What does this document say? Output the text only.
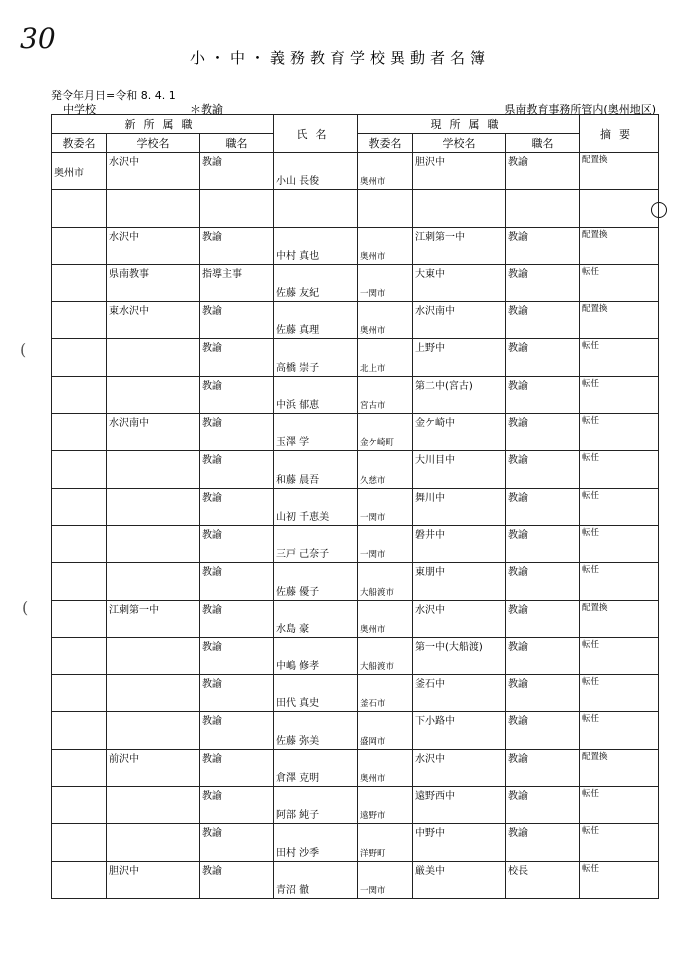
30
小・中・義務教育学校異動者名簿
発令年月日=令和 8. 4. 1
中学校	＊教諭	県南教育事務所管内(奥州地区)
(
(
新所属職			氏名	現所属職			摘要
教委名	学校名	職名		教委名	学校名	職名	
奥州市	水沢中	教諭	小山 長俊	奥州市	胆沢中	教諭	配置換

	水沢中	教諭	中村 真也	奥州市	江刺第一中	教諭	配置換
	県南教事	指導主事	佐藤 友紀	一関市	大東中	教諭	転任
	東水沢中	教諭	佐藤 真理	奥州市	水沢南中	教諭	配置換
		教諭	高橋 崇子	北上市	上野中	教諭	転任
		教諭	中浜 郁恵	宮古市	第二中(宮古)	教諭	転任
	水沢南中	教諭	玉澤 学	金ケ崎町	金ケ崎中	教諭	転任
		教諭	和藤 晨吾	久慈市	大川目中	教諭	転任
		教諭	山初 千恵美	一関市	舞川中	教諭	転任
		教諭	三戸 己奈子	一関市	磐井中	教諭	転任
		教諭	佐藤 優子	大船渡市	東朋中	教諭	転任
	江刺第一中	教諭	水島 豪	奥州市	水沢中	教諭	配置換
		教諭	中嶋 修孝	大船渡市	第一中(大船渡)	教諭	転任
		教諭	田代 真史	釜石市	釜石中	教諭	転任
		教諭	佐藤 弥美	盛岡市	下小路中	教諭	転任
	前沢中	教諭	倉澤 克明	奥州市	水沢中	教諭	配置換
		教諭	阿部 純子	遠野市	遠野西中	教諭	転任
		教諭	田村 沙季	洋野町	中野中	教諭	転任
	胆沢中	教諭	青沼 徹	一関市	厳美中	校長	転任
